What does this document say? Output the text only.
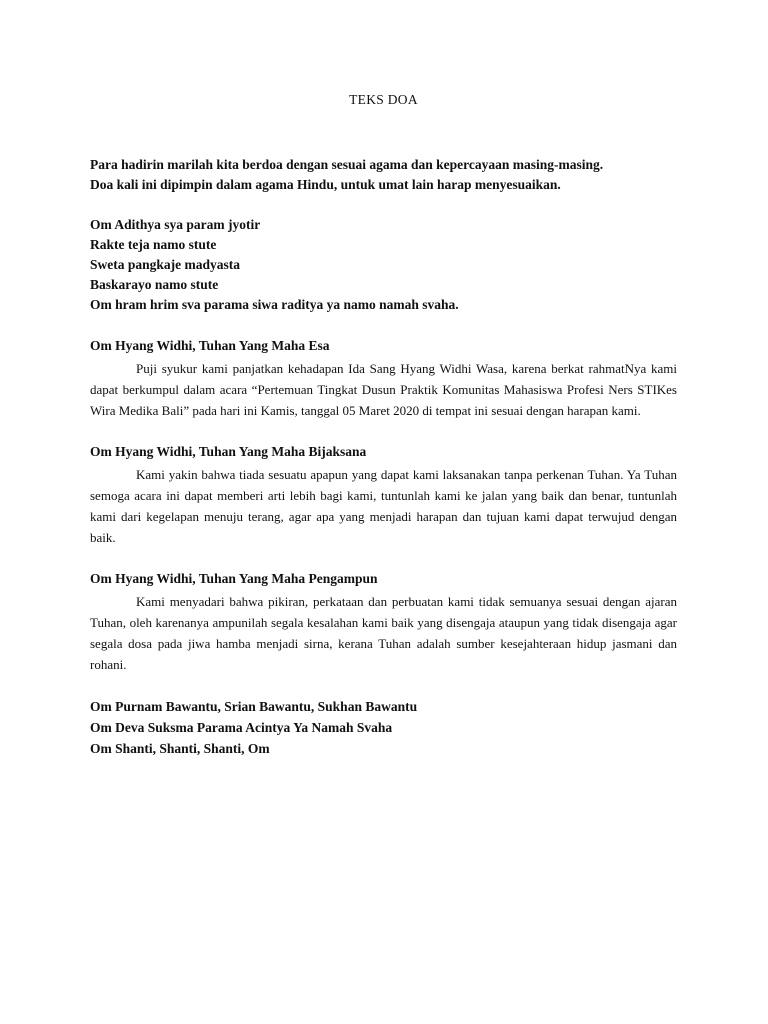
TEKS DOA

Para hadirin marilah kita berdoa dengan sesuai agama dan kepercayaan masing-masing.

Doa kali ini dipimpin dalam agama Hindu, untuk umat lain harap menyesuaikan.

Om Adithya sya param jyotir

Rakte teja namo stute

Sweta pangkaje madyasta

Baskarayo namo stute

Om hram hrim sva parama siwa raditya ya namo namah svaha.

Om Hyang Widhi, Tuhan Yang Maha Esa

Puji syukur kami panjatkan kehadapan Ida Sang Hyang Widhi Wasa, karena berkat rahmatNya kami dapat berkumpul dalam acara “Pertemuan Tingkat Dusun Praktik Komunitas Mahasiswa Profesi Ners STIKes Wira Medika Bali” pada hari ini Kamis, tanggal 05 Maret 2020 di tempat ini sesuai dengan harapan kami.

Om Hyang Widhi, Tuhan Yang Maha Bijaksana

Kami yakin bahwa tiada sesuatu apapun yang dapat kami laksanakan tanpa perkenan Tuhan. Ya Tuhan semoga acara ini dapat memberi arti lebih bagi kami, tuntunlah kami ke jalan yang baik dan benar, tuntunlah kami dari kegelapan menuju terang, agar apa yang menjadi harapan dan tujuan kami dapat terwujud dengan baik.

Om Hyang Widhi, Tuhan Yang Maha Pengampun

Kami menyadari bahwa pikiran, perkataan dan perbuatan kami tidak semuanya sesuai dengan ajaran Tuhan, oleh karenanya ampunilah segala kesalahan kami baik yang disengaja ataupun yang tidak disengaja agar segala dosa pada jiwa hamba menjadi sirna, kerana Tuhan adalah sumber kesejahteraan hidup jasmani dan rohani.

Om Purnam Bawantu, Srian Bawantu, Sukhan Bawantu

Om Deva Suksma Parama Acintya Ya Namah Svaha

Om Shanti, Shanti, Shanti, Om
